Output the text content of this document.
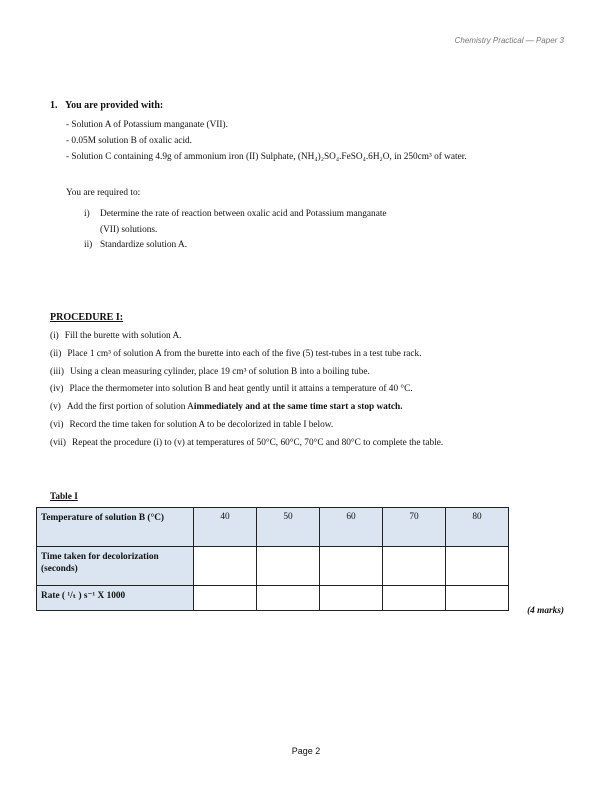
Chemistry Practical — Paper 3
1. You are provided with:
- Solution A of Potassium manganate (VII).
- 0.05M solution B of oxalic acid.
- Solution C containing 4.9g of ammonium iron (II) Sulphate, (NH₄)₂SO₄.FeSO₄.6H₂O, in 250cm³ of water.
You are required to:
i)	Determine the rate of reaction between oxalic acid and Potassium manganate
(VII) solutions.
ii) Standardize solution A.
PROCEDURE I:
(i) Fill the burette with solution A.
(ii) Place 1 cm³ of solution A from the burette into each of the five (5) test-tubes in a test tube rack.
(iii) Using a clean measuring cylinder, place 19 cm³ of solution B into a boiling tube.
(iv) Place the thermometer into solution B and heat gently until it attains a temperature of 40 °C.
(v) Add the first portion of solution A immediately and at the same time start a stop watch.
(vi) Record the time taken for solution A to be decolorized in table I below.
(vii) Repeat the procedure (i) to (v) at temperatures of 50°C, 60°C, 70°C and 80°C to complete the table.
Table I
Temperature of solution B (°C)	40	50	60	70	80
Time taken for decolorization (seconds)					
Rate ( ¹/ₜ ) s⁻¹ X 1000					
(4 marks)
Page 2
